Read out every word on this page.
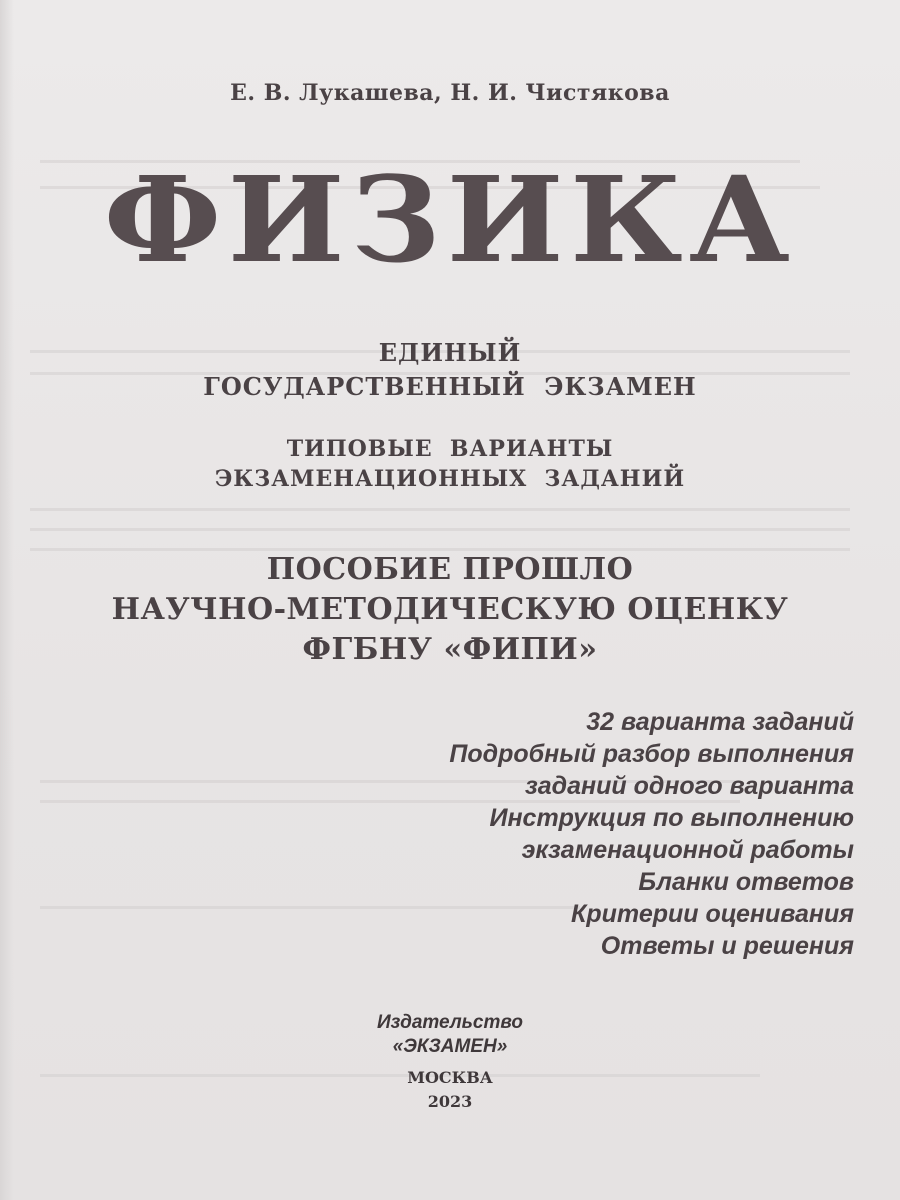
Е. В. Лукашева, Н. И. Чистякова
ФИЗИКА
ЕДИНЫЙ
ГОСУДАРСТВЕННЫЙ  ЭКЗАМЕН
ТИПОВЫЕ  ВАРИАНТЫ
ЭКЗАМЕНАЦИОННЫХ  ЗАДАНИЙ
ПОСОБИЕ ПРОШЛО
НАУЧНО-МЕТОДИЧЕСКУЮ ОЦЕНКУ
ФГБНУ «ФИПИ»
32 варианта заданий
Подробный разбор выполнения
заданий одного варианта
Инструкция по выполнению
экзаменационной работы
Бланки ответов
Критерии оценивания
Ответы и решения
Издательство
«ЭКЗАМЕН»
МОСКВА
2023
